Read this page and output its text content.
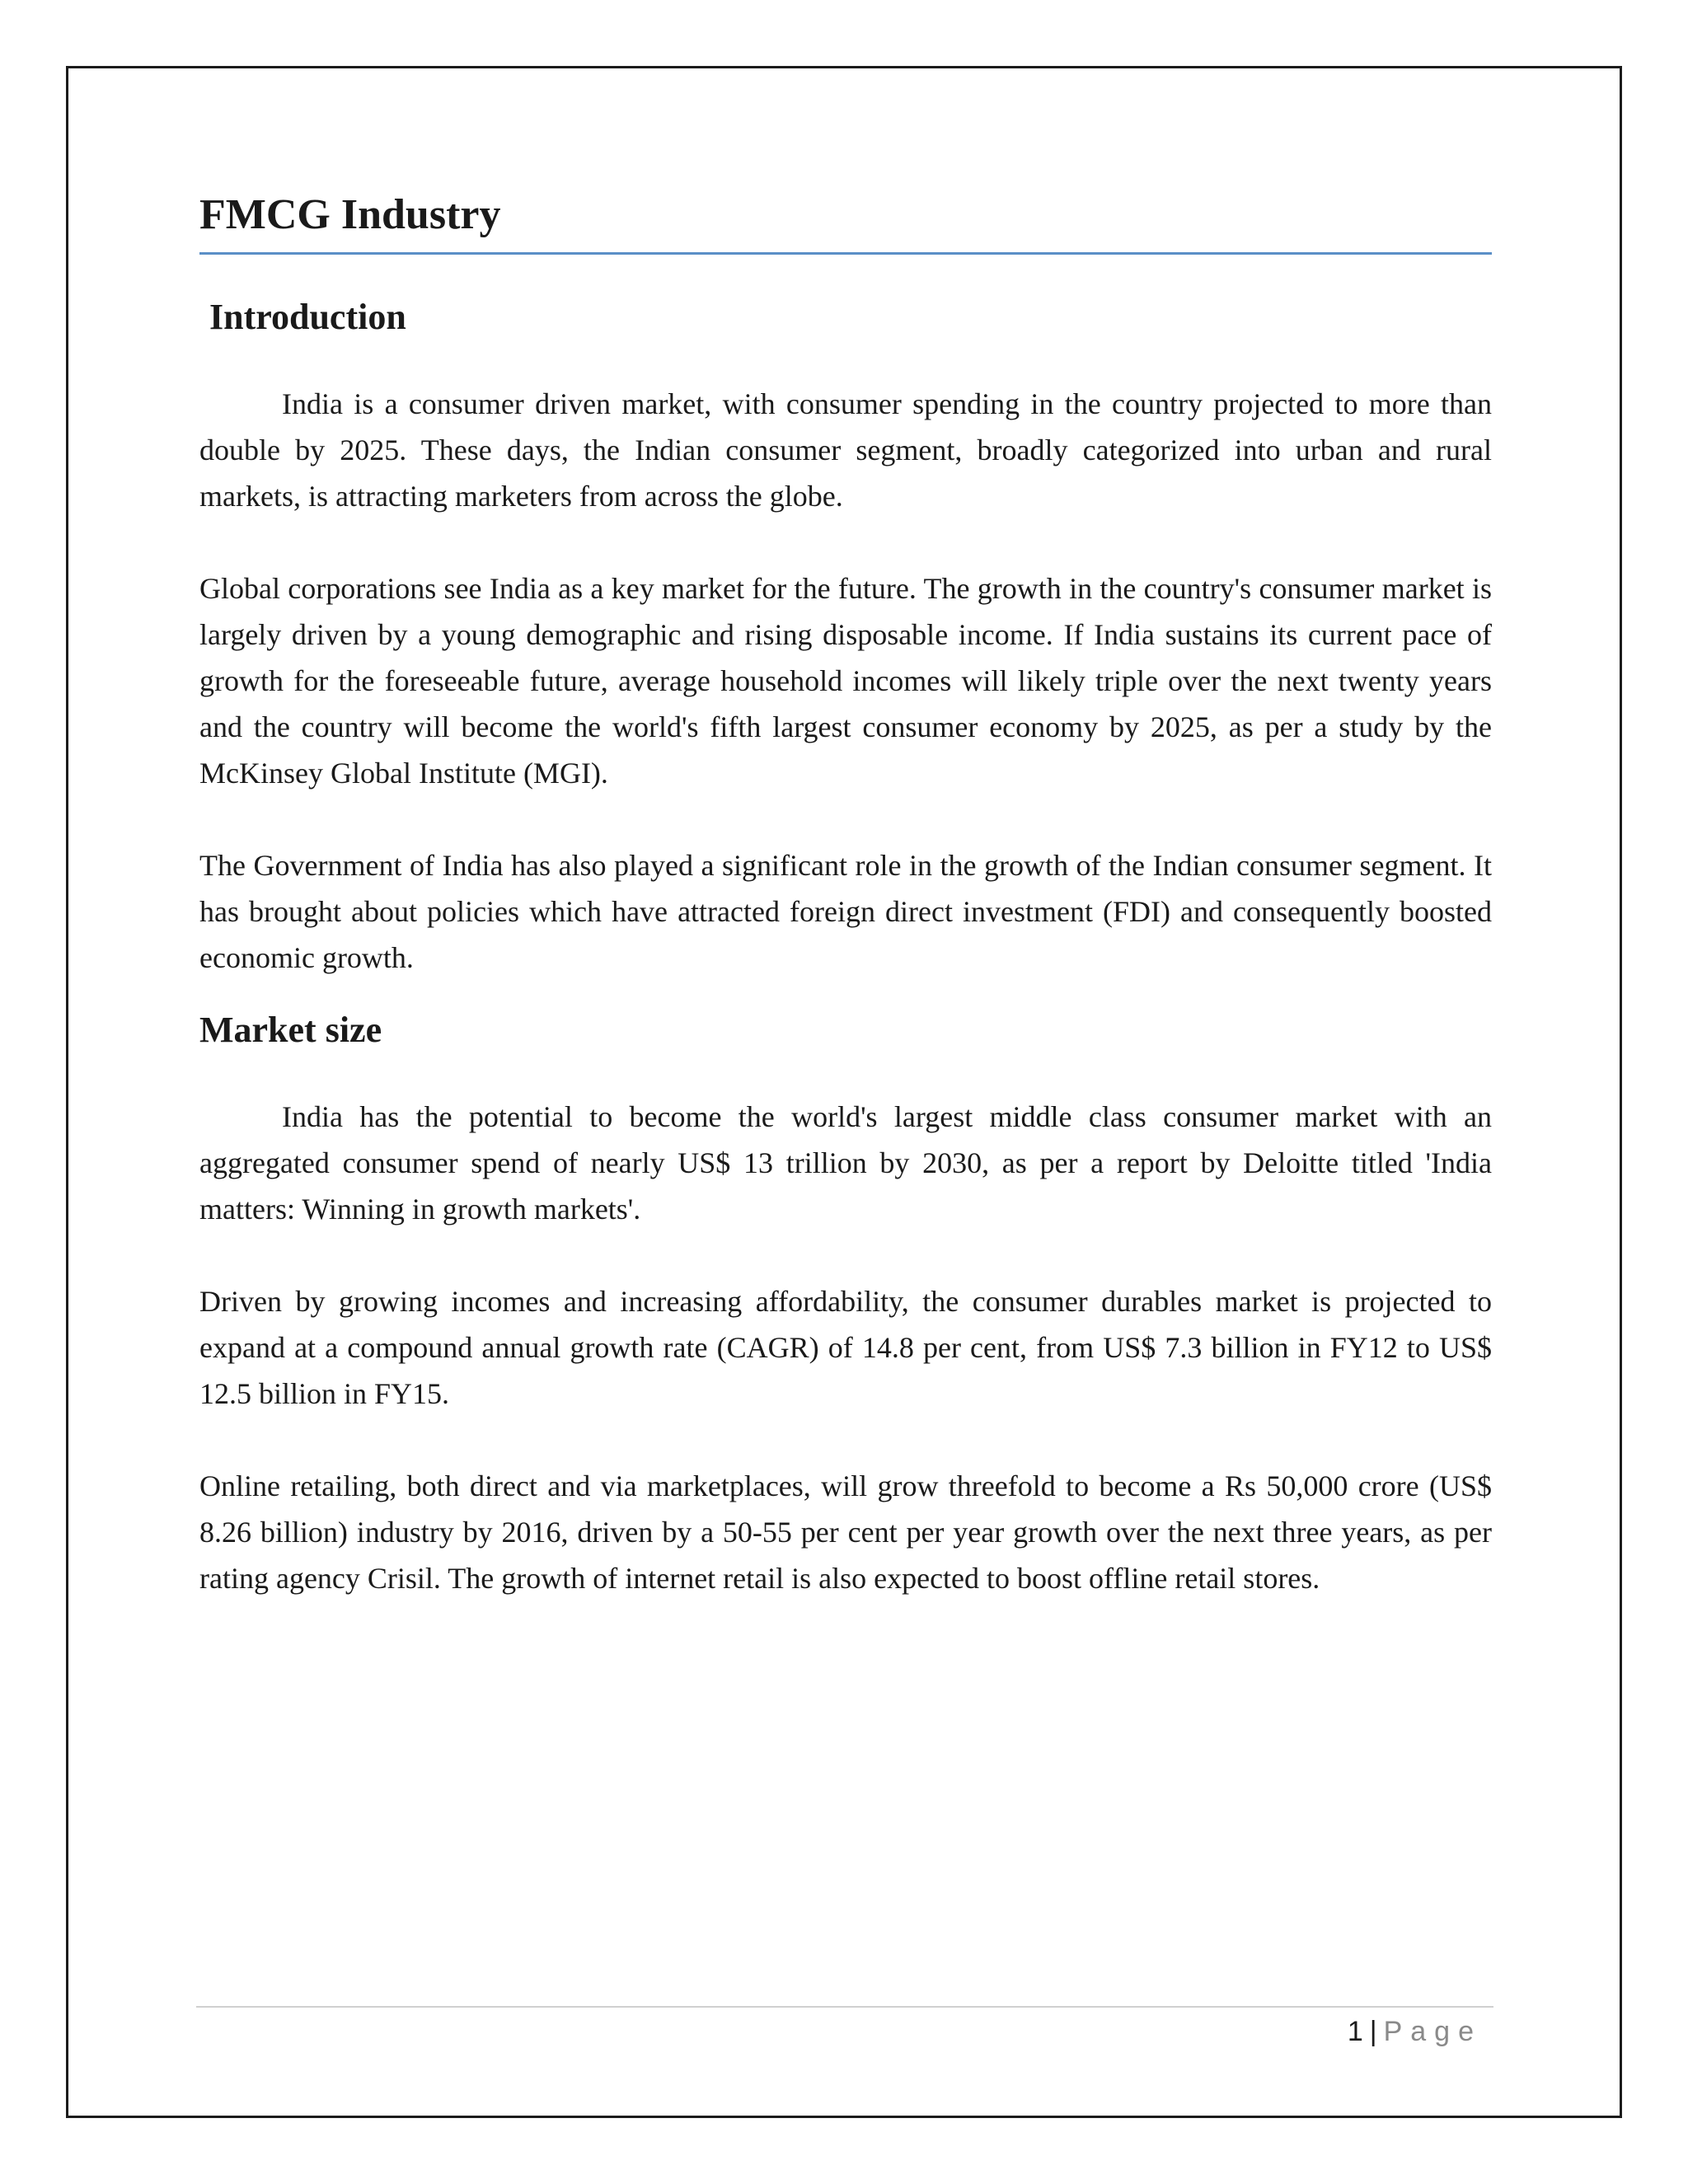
FMCG Industry
Introduction

India is a consumer driven market, with consumer spending in the country projected to more than double by 2025. These days, the Indian consumer segment, broadly categorized into urban and rural markets, is attracting marketers from across the globe.

Global corporations see India as a key market for the future. The growth in the country's consumer market is largely driven by a young demographic and rising disposable income. If India sustains its current pace of growth for the foreseeable future, average household incomes will likely triple over the next twenty years and the country will become the world's fifth largest consumer economy by 2025, as per a study by the McKinsey Global Institute (MGI).

The Government of India has also played a significant role in the growth of the Indian consumer segment. It has brought about policies which have attracted foreign direct investment (FDI) and consequently boosted economic growth.

Market size

India has the potential to become the world's largest middle class consumer market with an aggregated consumer spend of nearly US$ 13 trillion by 2030, as per a report by Deloitte titled 'India matters: Winning in growth markets'.

Driven by growing incomes and increasing affordability, the consumer durables market is projected to expand at a compound annual growth rate (CAGR) of 14.8 per cent, from US$ 7.3 billion in FY12 to US$ 12.5 billion in FY15.

Online retailing, both direct and via marketplaces, will grow threefold to become a Rs 50,000 crore (US$ 8.26 billion) industry by 2016, driven by a 50-55 per cent per year growth over the next three years, as per rating agency Crisil. The growth of internet retail is also expected to boost offline retail stores.

1 | Page
